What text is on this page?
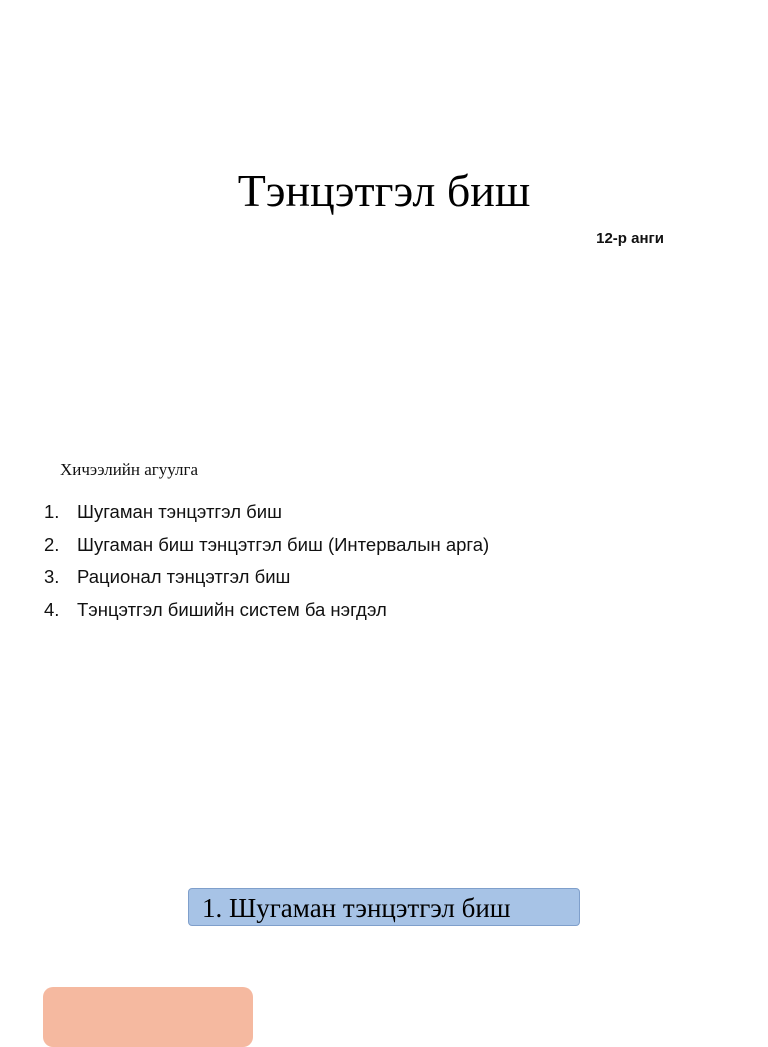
Тэнцэтгэл биш
12-р анги
Хичээлийн агуулга
1. Шугаман тэнцэтгэл биш
2. Шугаман биш тэнцэтгэл биш (Интервалын арга)
3. Рационал тэнцэтгэл биш
4. Тэнцэтгэл бишийн систем ба нэгдэл
1. Шугаман тэнцэтгэл биш
